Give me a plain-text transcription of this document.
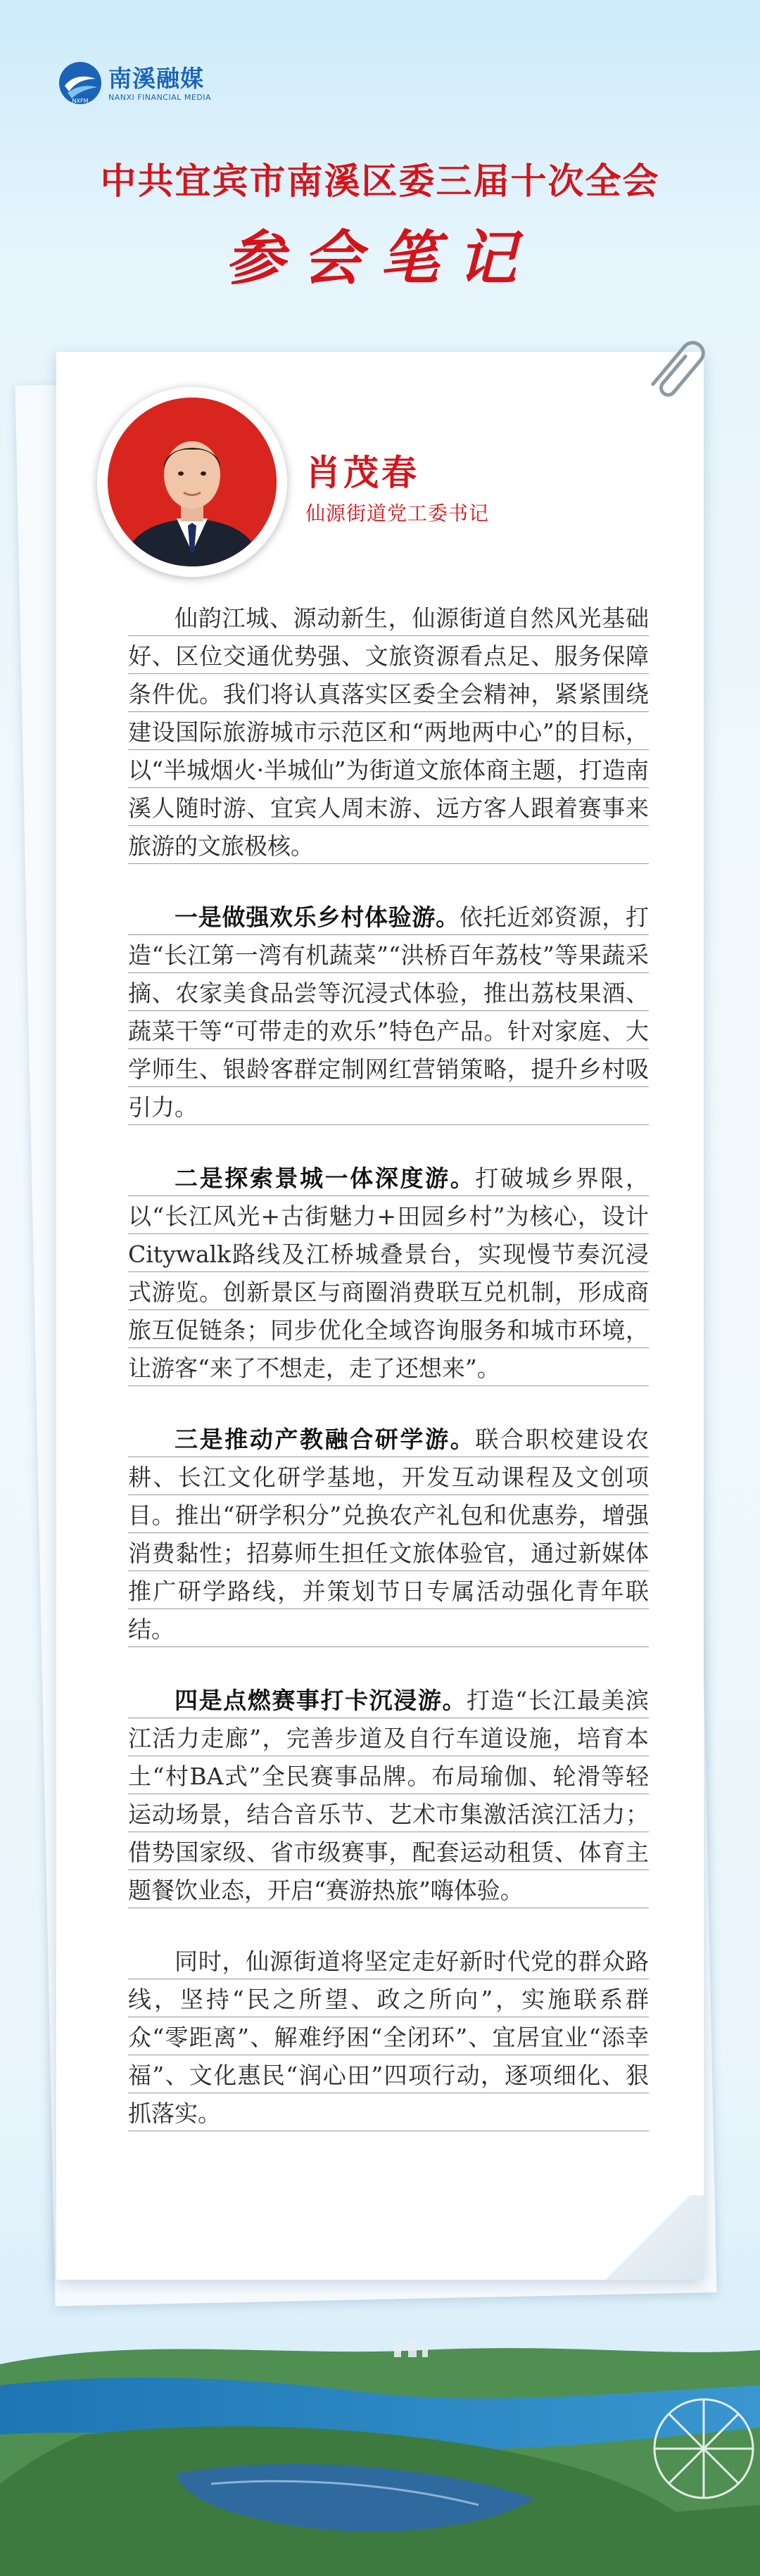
NXFM
南溪融媒
NANXI FINANCIAL MEDIA
中共宜宾市南溪区委三届十次全会
参会笔记
肖茂春
仙源街道党工委书记

仙韵江城、源动新生，仙源街道自然风光基础好、区位交通优势强、文旅资源看点足、服务保障条件优。我们将认真落实区委全会精神，紧紧围绕建设国际旅游城市示范区和“两地两中心”的目标，以“半城烟火·半城仙”为街道文旅体商主题，打造南溪人随时游、宜宾人周末游、远方客人跟着赛事来旅游的文旅极核。

一是做强欢乐乡村体验游。依托近郊资源，打造“长江第一湾有机蔬菜”“洪桥百年荔枝”等果蔬采摘、农家美食品尝等沉浸式体验，推出荔枝果酒、蔬菜干等“可带走的欢乐”特色产品。针对家庭、大学师生、银龄客群定制网红营销策略，提升乡村吸引力。

二是探索景城一体深度游。打破城乡界限，以“长江风光+古街魅力+田园乡村”为核心，设计Citywalk路线及江桥城叠景台，实现慢节奏沉浸式游览。创新景区与商圈消费联互兑机制，形成商旅互促链条；同步优化全域咨询服务和城市环境，让游客“来了不想走，走了还想来”。

三是推动产教融合研学游。联合职校建设农耕、长江文化研学基地，开发互动课程及文创项目。推出“研学积分”兑换农产礼包和优惠券，增强消费黏性；招募师生担任文旅体验官，通过新媒体推广研学路线，并策划节日专属活动强化青年联结。

四是点燃赛事打卡沉浸游。打造“长江最美滨江活力走廊”，完善步道及自行车道设施，培育本土“村BA式”全民赛事品牌。布局瑜伽、轮滑等轻运动场景，结合音乐节、艺术市集激活滨江活力；借势国家级、省市级赛事，配套运动租赁、体育主题餐饮业态，开启“赛游热旅”嗨体验。

同时，仙源街道将坚定走好新时代党的群众路线，坚持“民之所望、政之所向”，实施联系群众“零距离”、解难纾困“全闭环”、宜居宜业“添幸福”、文化惠民“润心田”四项行动，逐项细化、狠抓落实。
